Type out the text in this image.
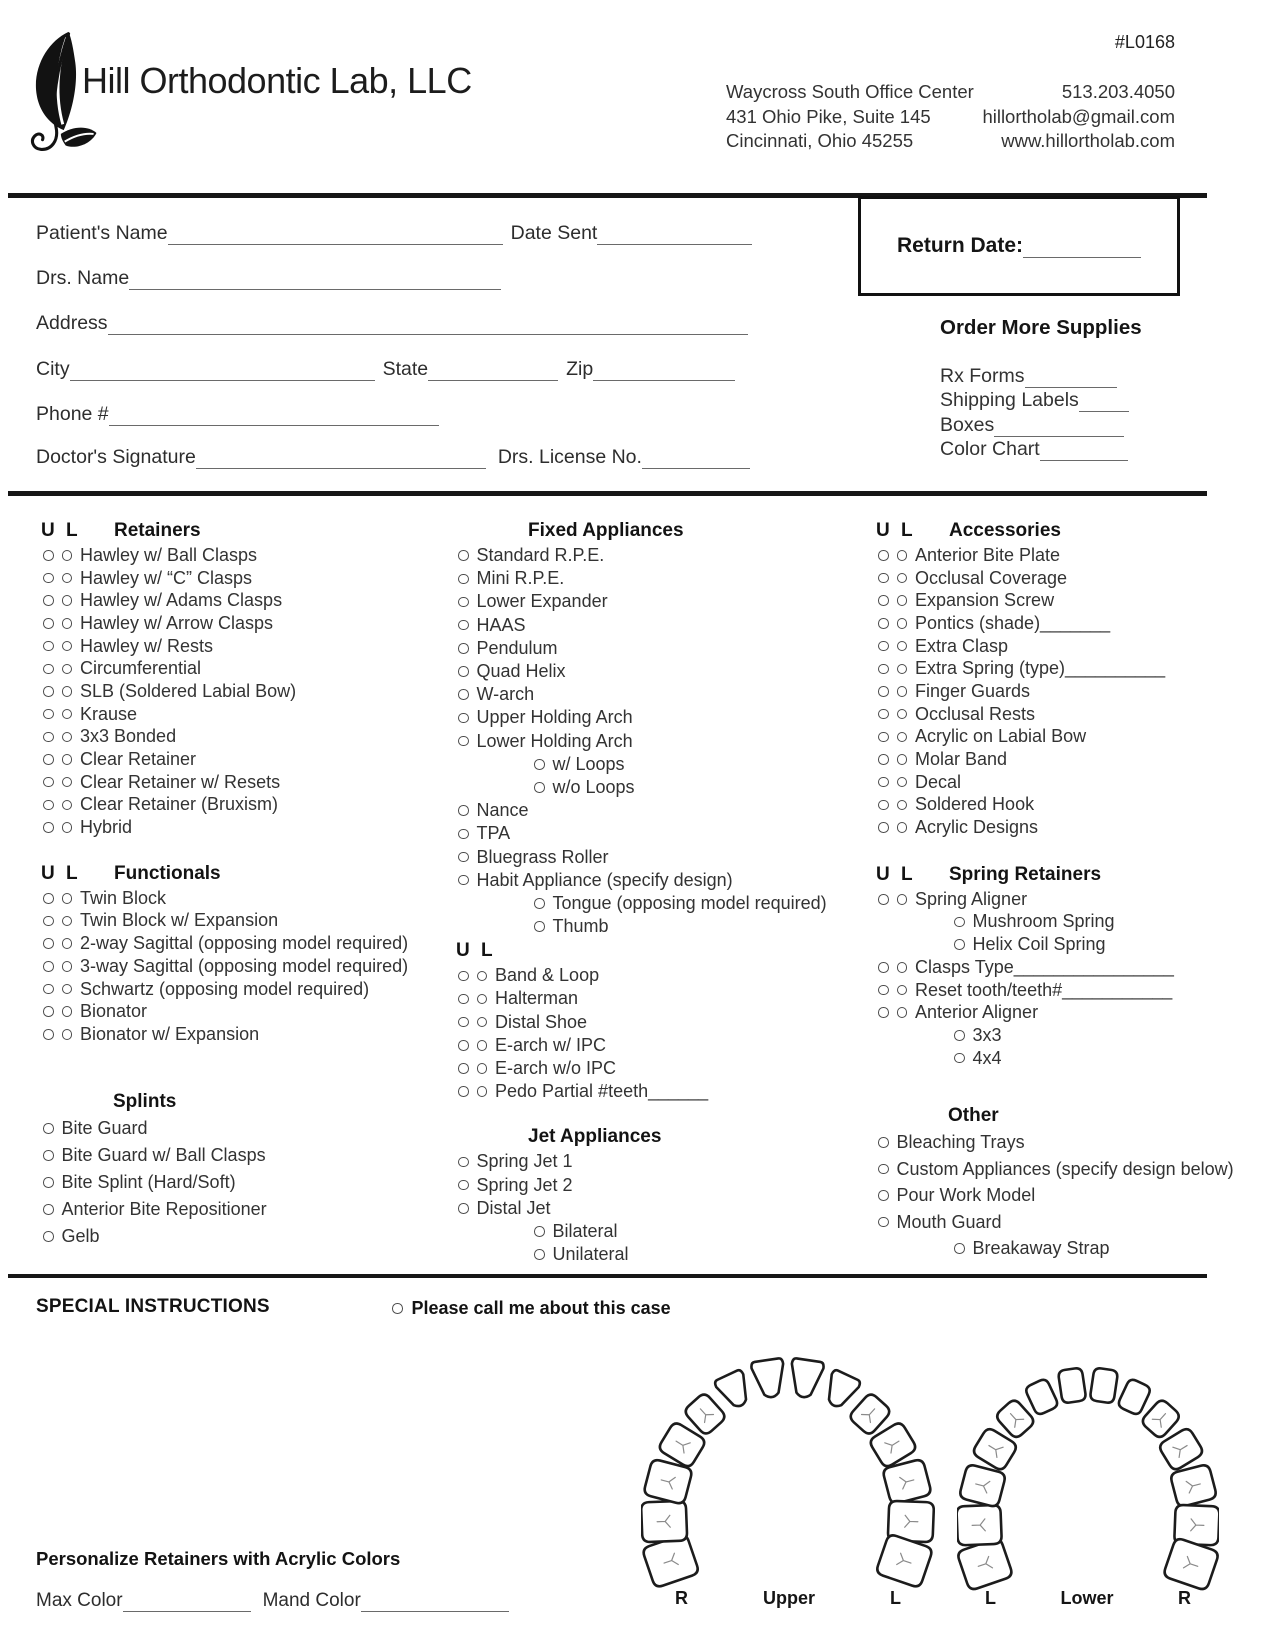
Hill Orthodontic Lab, LLC
#L0168
Waycross South Office Center
431 Ohio Pike, Suite 145
Cincinnati, Ohio 45255
513.203.4050
hillortholab@gmail.com
www.hillortholab.com
Patient's Name	Date Sent
Drs. Name
Address
City	State	Zip
Phone #
Doctor's Signature	Drs. License No.
Return Date:
Order More Supplies
Rx Forms
Shipping Labels
Boxes
Color Chart
U L Retainers
Hawley w/ Ball Clasps
Hawley w/ “C” Clasps
Hawley w/ Adams Clasps
Hawley w/ Arrow Clasps
Hawley w/ Rests
Circumferential
SLB (Soldered Labial Bow)
Krause
3x3 Bonded
Clear Retainer
Clear Retainer w/ Resets
Clear Retainer (Bruxism)
Hybrid
U L Functionals
Twin Block
Twin Block w/ Expansion
2-way Sagittal (opposing model required)
3-way Sagittal (opposing model required)
Schwartz (opposing model required)
Bionator
Bionator w/ Expansion
Splints
Bite Guard
Bite Guard w/ Ball Clasps
Bite Splint (Hard/Soft)
Anterior Bite Repositioner
Gelb
Fixed Appliances
Standard R.P.E.
Mini R.P.E.
Lower Expander
HAAS
Pendulum
Quad Helix
W-arch
Upper Holding Arch
Lower Holding Arch
w/ Loops
w/o Loops
Nance
TPA
Bluegrass Roller
Habit Appliance (specify design)
Tongue (opposing model required)
Thumb
U L
Band & Loop
Halterman
Distal Shoe
E-arch w/ IPC
E-arch w/o IPC
Pedo Partial #teeth______
Jet Appliances
Spring Jet 1
Spring Jet 2
Distal Jet
Bilateral
Unilateral
U L Accessories
Anterior Bite Plate
Occlusal Coverage
Expansion Screw
Pontics (shade)_______
Extra Clasp
Extra Spring (type)__________
Finger Guards
Occlusal Rests
Acrylic on Labial Bow
Molar Band
Decal
Soldered Hook
Acrylic Designs
U L Spring Retainers
Spring Aligner
Mushroom Spring
Helix Coil Spring
Clasps Type________________
Reset tooth/teeth#___________
Anterior Aligner
3x3
4x4
Other
Bleaching Trays
Custom Appliances (specify design below)
Pour Work Model
Mouth Guard
Breakaway Strap
SPECIAL INSTRUCTIONS	Please call me about this case
R	Upper	L	L	Lower	R
Personalize Retainers with Acrylic Colors
Max Color	Mand Color
